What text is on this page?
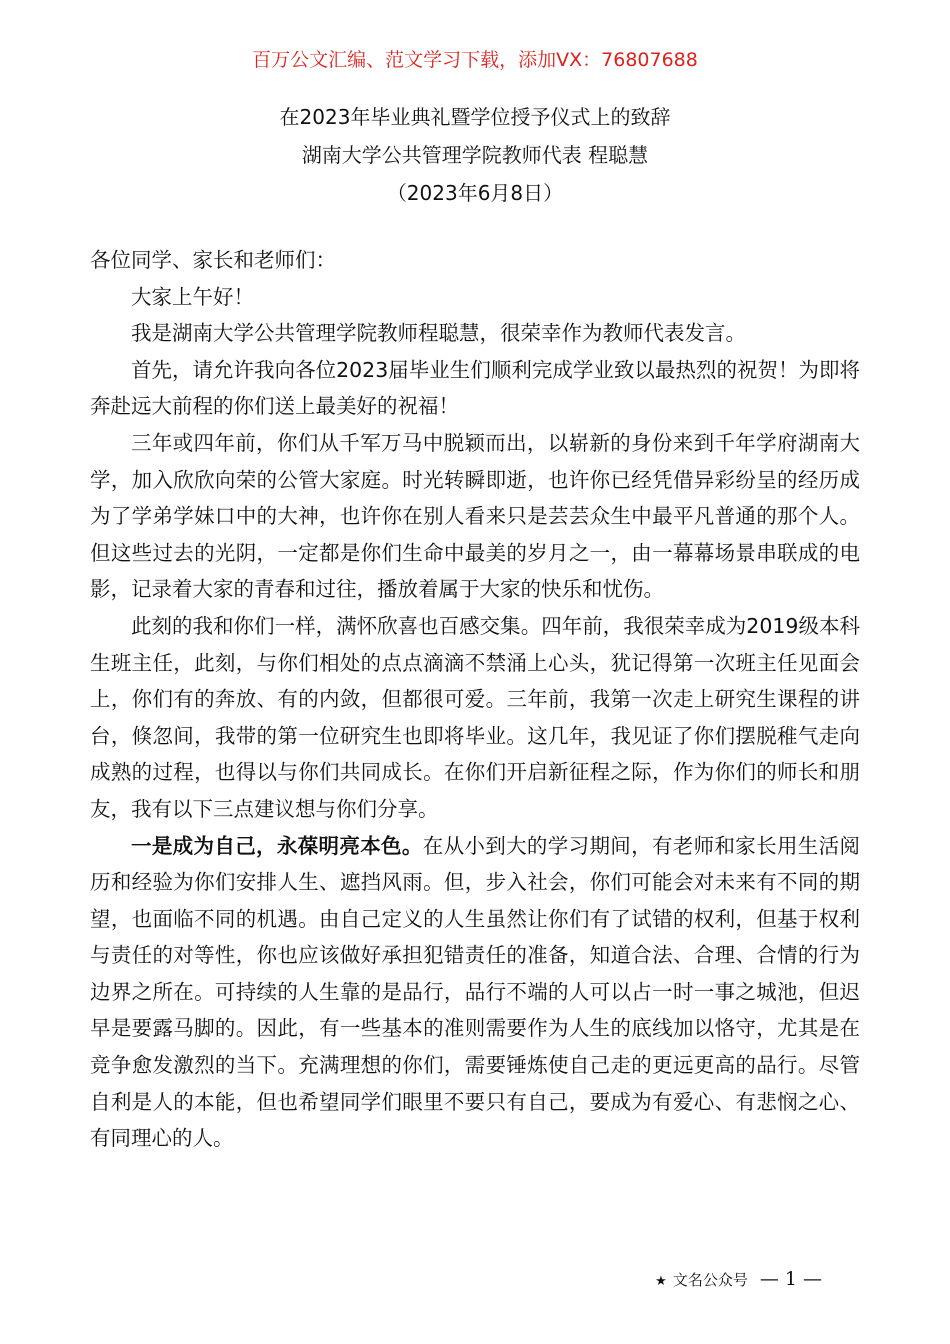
百万公文汇编、范文学习下载，添加VX：76807688
在2023年毕业典礼暨学位授予仪式上的致辞
湖南大学公共管理学院教师代表 程聪慧
（2023年6月8日）

各位同学、家长和老师们：

大家上午好！

我是湖南大学公共管理学院教师程聪慧，很荣幸作为教师代表发言。

首先，请允许我向各位2023届毕业生们顺利完成学业致以最热烈的祝贺！为即将奔赴远大前程的你们送上最美好的祝福！

三年或四年前，你们从千军万马中脱颖而出，以崭新的身份来到千年学府湖南大学，加入欣欣向荣的公管大家庭。时光转瞬即逝，也许你已经凭借异彩纷呈的经历成为了学弟学妹口中的大神，也许你在别人看来只是芸芸众生中最平凡普通的那个人。但这些过去的光阴，一定都是你们生命中最美的岁月之一，由一幕幕场景串联成的电影，记录着大家的青春和过往，播放着属于大家的快乐和忧伤。

此刻的我和你们一样，满怀欣喜也百感交集。四年前，我很荣幸成为2019级本科生班主任，此刻，与你们相处的点点滴滴不禁涌上心头，犹记得第一次班主任见面会上，你们有的奔放、有的内敛，但都很可爱。三年前，我第一次走上研究生课程的讲台，倏忽间，我带的第一位研究生也即将毕业。这几年，我见证了你们摆脱稚气走向成熟的过程，也得以与你们共同成长。在你们开启新征程之际，作为你们的师长和朋友，我有以下三点建议想与你们分享。

一是成为自己，永葆明亮本色。在从小到大的学习期间，有老师和家长用生活阅历和经验为你们安排人生、遮挡风雨。但，步入社会，你们可能会对未来有不同的期望，也面临不同的机遇。由自己定义的人生虽然让你们有了试错的权利，但基于权利与责任的对等性，你也应该做好承担犯错责任的准备，知道合法、合理、合情的行为边界之所在。可持续的人生靠的是品行，品行不端的人可以占一时一事之城池，但迟早是要露马脚的。因此，有一些基本的准则需要作为人生的底线加以恪守，尤其是在竞争愈发激烈的当下。充满理想的你们，需要锤炼使自己走的更远更高的品行。尽管自利是人的本能，但也希望同学们眼里不要只有自己，要成为有爱心、有悲悯之心、有同理心的人。

★ 文名公众号 — 1 —
